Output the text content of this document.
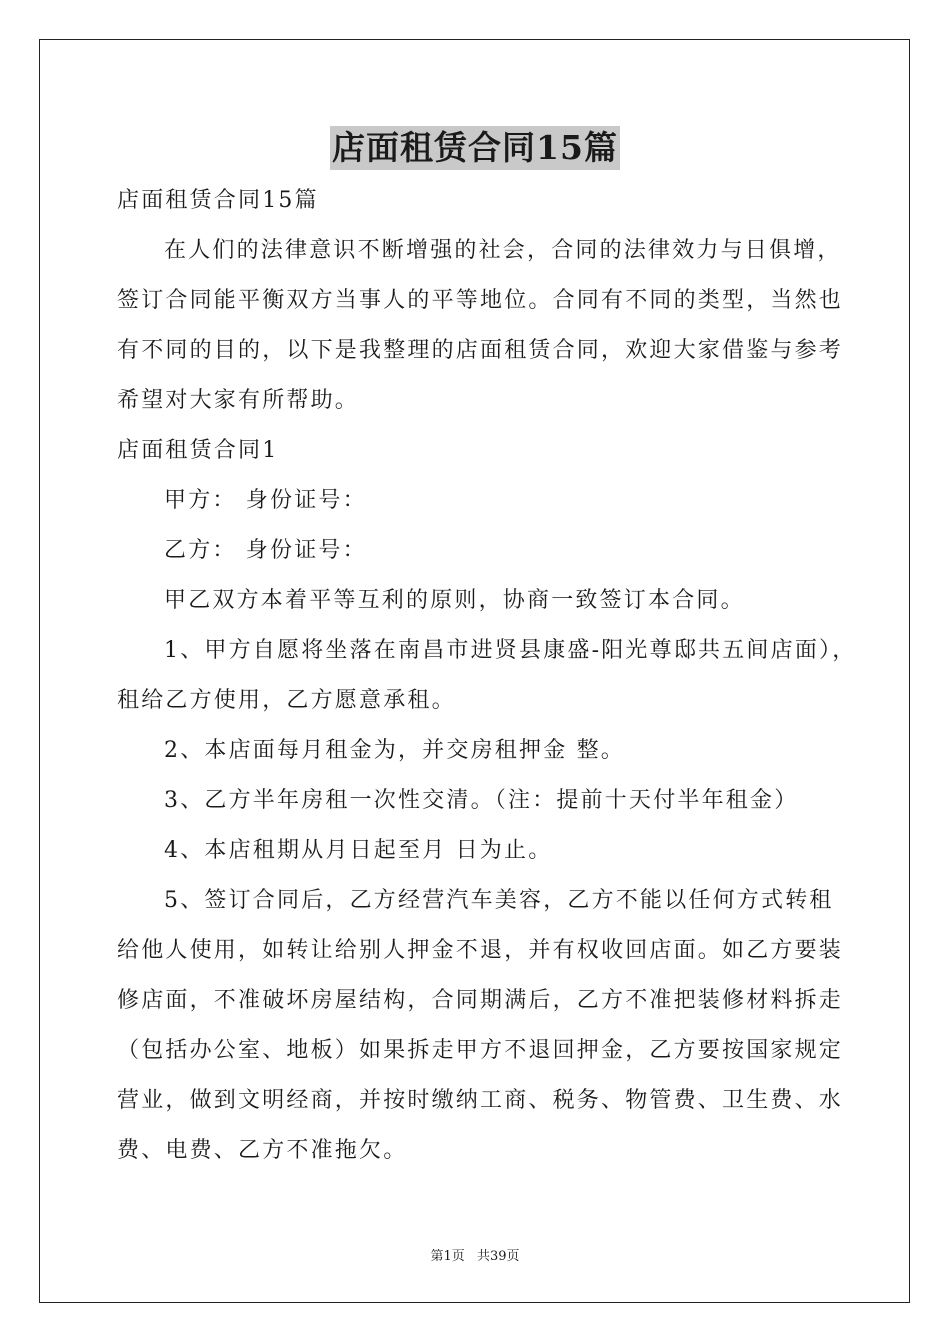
店面租赁合同15篇
店面租赁合同15篇
在人们的法律意识不断增强的社会，合同的法律效力与日俱增，
签订合同能平衡双方当事人的平等地位。合同有不同的类型，当然也
有不同的目的，以下是我整理的店面租赁合同，欢迎大家借鉴与参考
希望对大家有所帮助。
店面租赁合同1
甲方： 身份证号：
乙方： 身份证号：
甲乙双方本着平等互利的原则，协商一致签订本合同。
1、甲方自愿将坐落在南昌市进贤县康盛-阳光尊邸共五间店面），
租给乙方使用，乙方愿意承租。
2、本店面每月租金为，并交房租押金 整。
3、乙方半年房租一次性交清。（注：提前十天付半年租金）
4、本店租期从月日起至月 日为止。
5、签订合同后，乙方经营汽车美容，乙方不能以任何方式转租
给他人使用，如转让给别人押金不退，并有权收回店面。如乙方要装
修店面，不准破坏房屋结构，合同期满后，乙方不准把装修材料拆走
（包括办公室、地板）如果拆走甲方不退回押金，乙方要按国家规定
营业，做到文明经商，并按时缴纳工商、税务、物管费、卫生费、水
费、电费、乙方不准拖欠。
第1页 共39页
